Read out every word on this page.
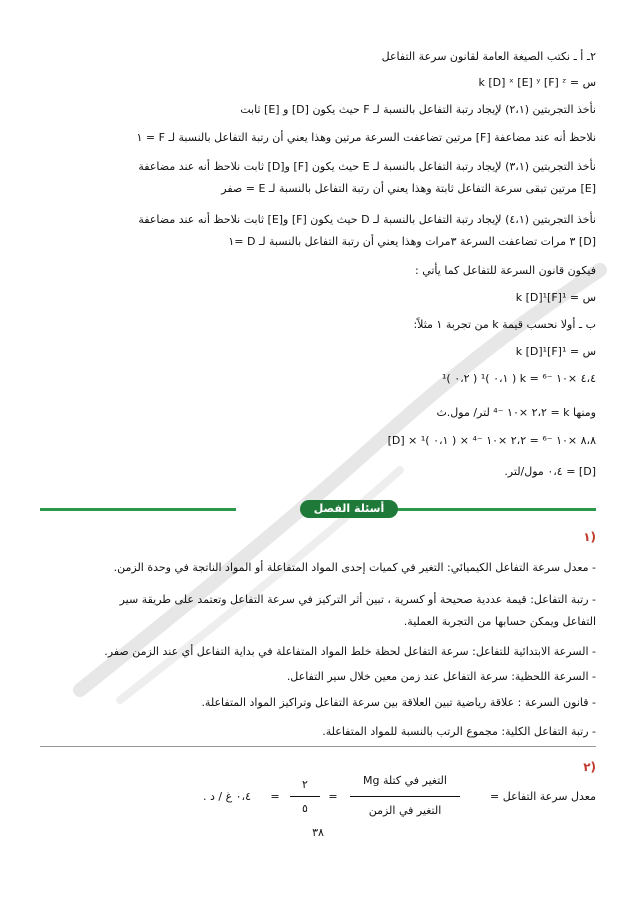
٢ـ أ ـ نكتب الصيغة العامة لقانون سرعة التفاعل
س = k [D] ˣ [E] ʸ [F] ᶻ
نأخذ التجربتين (٢،١) لإيجاد رتبة التفاعل بالنسبة لـ F حيث يكون [D] و [E] ثابت
نلاحظ أنه عند مضاعفة [F] مرتين تضاعفت السرعة مرتين وهذا يعني أن رتبة التفاعل بالنسبة لـ F = ١
نأخذ التجربتين (٣،١) لإيجاد رتبة التفاعل بالنسبة لـ E حيث يكون [F] و[D] ثابت نلاحظ أنه عند مضاعفة
[E] مرتين تبقى سرعة التفاعل ثابتة وهذا يعني أن رتبة التفاعل بالنسبة لـ E = صفر
نأخذ التجربتين (٤،١) لإيجاد رتبة التفاعل بالنسبة لـ D حيث يكون [F] و[E] ثابت نلاحظ أنه عند مضاعفة
[D] ٣ مرات تضاعفت السرعة ٣مرات وهذا يعني أن رتبة التفاعل بالنسبة لـ D =١
فيكون قانون السرعة للتفاعل كما يأتي :
س = k [D]¹[F]¹
ب ـ أولا نحسب قيمة k من تجربة ١ مثلاً:
س = k [D]¹[F]¹
٤،٤ ×١٠ ⁻⁶ = k ( ٠،١ )¹ ( ٠،٢ )¹
ومنها k = ٢،٢ ×١٠ ⁻⁴ لتر/ مول.ث
٨،٨ ×١٠ ⁻⁶ = ٢،٢ ×١٠ ⁻⁴ × ( ٠،١ )¹ × [D]
[D] = ٠،٤ مول/لتر.
أسئلة الفصل
١)
- معدل سرعة التفاعل الكيميائي: التغير في كميات إحدى المواد المتفاعلة أو المواد الناتجة في وحدة الزمن.
- رتبة التفاعل: قيمة عددية صحيحة أو كسرية ، تبين أثر التركيز في سرعة التفاعل وتعتمد على طريقة سير
التفاعل ويمكن حسابها من التجربة العملية.
- السرعة الابتدائية للتفاعل: سرعة التفاعل لحظة خلط المواد المتفاعلة في بداية التفاعل أي عند الزمن صفر.
- السرعة اللحظية: سرعة التفاعل عند زمن معين خلال سير التفاعل.
- قانون السرعة : علاقة رياضية تبين العلاقة بين سرعة التفاعل وتراكيز المواد المتفاعلة.
- رتبة التفاعل الكلية: مجموع الرتب بالنسبة للمواد المتفاعلة.
٢)
معدل سرعة التفاعل =
التغير في كتلة Mg
التغير في الزمن
=
٢
٥
=
٠،٤ غ / د .
٣٨
